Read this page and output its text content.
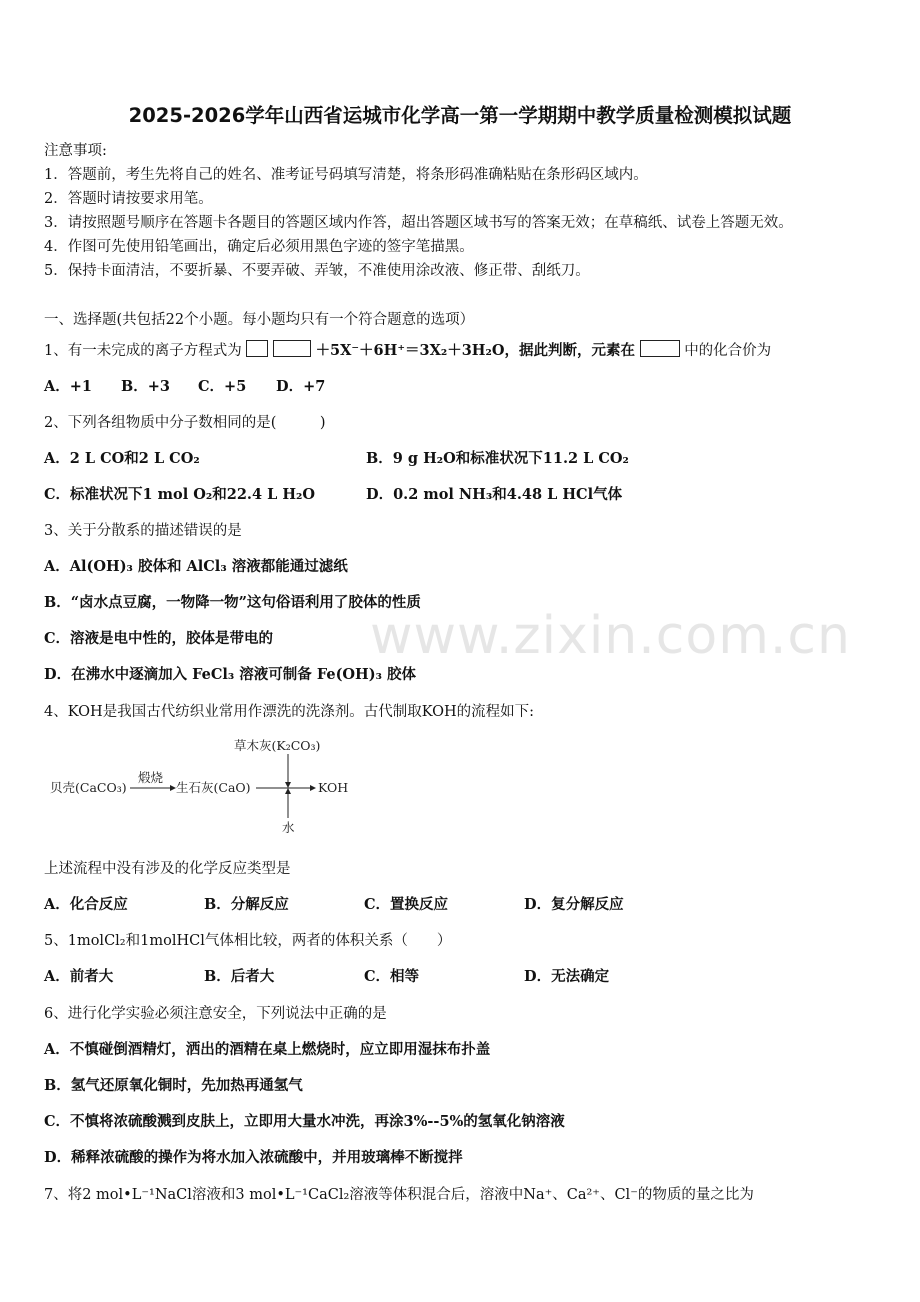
2025-2026学年山西省运城市化学高一第一学期期中教学质量检测模拟试题
注意事项:
1．答题前，考生先将自己的姓名、准考证号码填写清楚，将条形码准确粘贴在条形码区域内。
2．答题时请按要求用笔。
3．请按照题号顺序在答题卡各题目的答题区域内作答，超出答题区域书写的答案无效；在草稿纸、试卷上答题无效。
4．作图可先使用铅笔画出，确定后必须用黑色字迹的签字笔描黑。
5．保持卡面清洁，不要折暴、不要弄破、弄皱，不准使用涂改液、修正带、刮纸刀。
一、选择题(共包括22个小题。每小题均只有一个符合题意的选项）
1、有一未完成的离子方程式为	＋5X⁻＋6H⁺＝3X₂＋3H₂O，据此判断，元素在	中的化合价为
A．+1 B．+3 C．+5 D．+7
2、下列各组物质中分子数相同的是(　　　)
A．2 L CO和2 L CO₂	B．9 g H₂O和标准状况下11.2 L CO₂
C．标准状况下1 mol O₂和22.4 L H₂O	D．0.2 mol NH₃和4.48 L HCl气体
3、关于分散系的描述错误的是
A．Al(OH)₃ 胶体和 AlCl₃ 溶液都能通过滤纸
B．“卤水点豆腐，一物降一物”这句俗语利用了胶体的性质
C．溶液是电中性的，胶体是带电的
D．在沸水中逐滴加入 FeCl₃ 溶液可制备 Fe(OH)₃ 胶体
www.zixin.com.cn
4、KOH是我国古代纺织业常用作漂洗的洗涤剂。古代制取KOH的流程如下:
贝壳(CaCO₃)
煅烧
生石灰(CaO)
草木灰(K₂CO₃)
水
KOH
上述流程中没有涉及的化学反应类型是
A．化合反应	B．分解反应	C．置换反应	D．复分解反应
5、1molCl₂和1molHCl气体相比较，两者的体积关系（　　）
A．前者大	B．后者大	C．相等	D．无法确定
6、进行化学实验必须注意安全，下列说法中正确的是
A．不慎碰倒酒精灯，洒出的酒精在桌上燃烧时，应立即用湿抹布扑盖
B．氢气还原氧化铜时，先加热再通氢气
C．不慎将浓硫酸溅到皮肤上，立即用大量水冲洗，再涂3%--5%的氢氧化钠溶液
D．稀释浓硫酸的操作为将水加入浓硫酸中，并用玻璃棒不断搅拌
7、将2 mol•L⁻¹NaCl溶液和3 mol•L⁻¹CaCl₂溶液等体积混合后，溶液中Na⁺、Ca²⁺、Cl⁻的物质的量之比为
